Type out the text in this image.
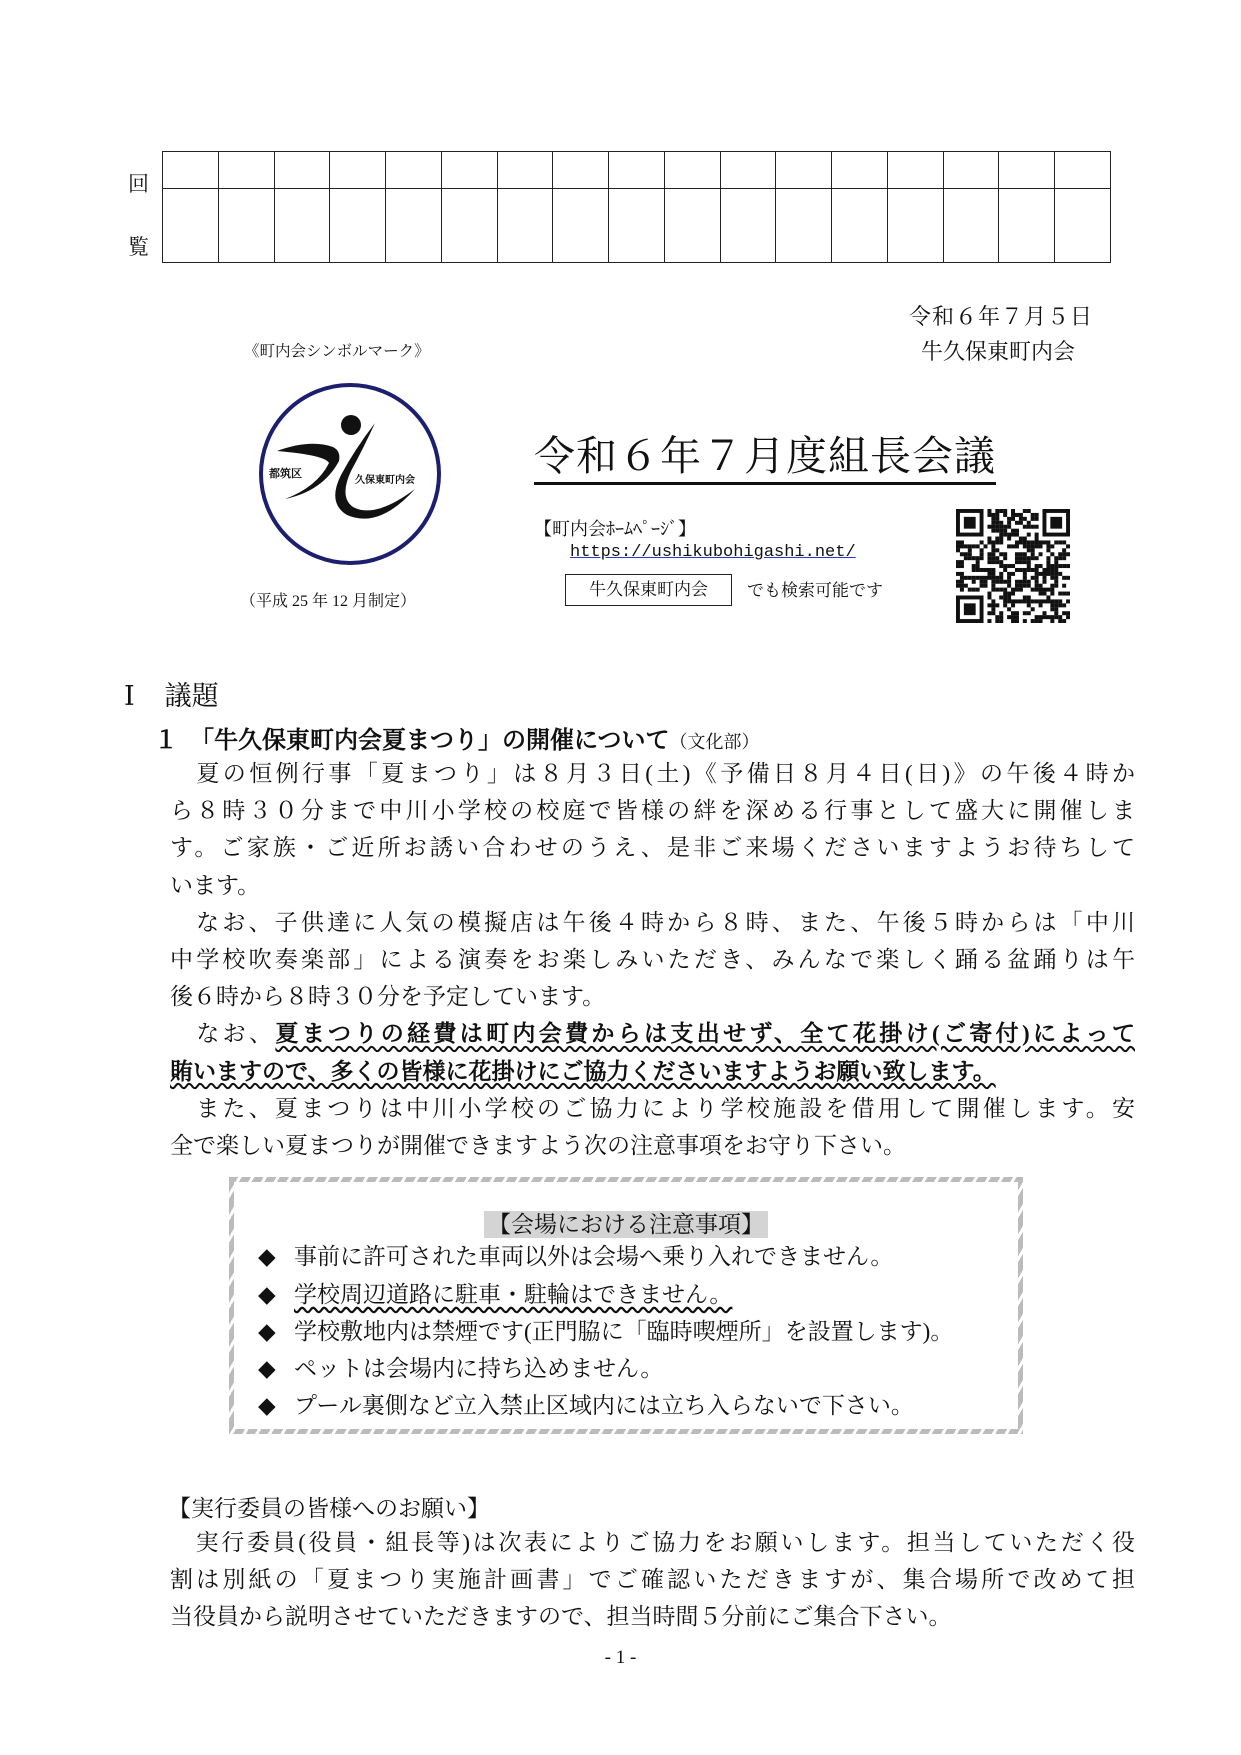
回
覧

令和６年７月５日
牛久保東町内会
《町内会シンボルマーク》
都筑区
久保東町内会
（平成 25 年 12 月制定）
令和６年７月度組長会議
【町内会ﾎｰﾑﾍﾟｰｼﾞ】
https://ushikubohigashi.net/
牛久保東町内会	でも検索可能です
Ⅰ 議題
１　 「牛久保東町内会夏まつり」の開催について（文化部）
　夏の恒例行事「夏まつり」は８月３日(土)《予備日８月４日(日)》の午後４時か
ら８時３０分まで中川小学校の校庭で皆様の絆を深める行事として盛大に開催しま
す。ご家族・ご近所お誘い合わせのうえ、是非ご来場くださいますようお待ちして
います。
　なお、子供達に人気の模擬店は午後４時から８時、また、午後５時からは「中川
中学校吹奏楽部」による演奏をお楽しみいただき、みんなで楽しく踊る盆踊りは午
後６時から８時３０分を予定しています。
　なお、夏まつりの経費は町内会費からは支出せず、全て花掛け(ご寄付)によって
賄いますので、多くの皆様に花掛けにご協力くださいますようお願い致します。
　また、夏まつりは中川小学校のご協力により学校施設を借用して開催します。安
全で楽しい夏まつりが開催できますよう次の注意事項をお守り下さい。
【会場における注意事項】
◆ 事前に許可された車両以外は会場へ乗り入れできません。
◆ 学校周辺道路に駐車・駐輪はできません。
◆ 学校敷地内は禁煙です(正門脇に「臨時喫煙所」を設置します)。
◆ ペットは会場内に持ち込めません。
◆ プール裏側など立入禁止区域内には立ち入らないで下さい。
【実行委員の皆様へのお願い】
　実行委員(役員・組長等)は次表によりご協力をお願いします。担当していただく役
割は別紙の「夏まつり実施計画書」でご確認いただきますが、集合場所で改めて担
当役員から説明させていただきますので、担当時間５分前にご集合下さい。
- 1 -
